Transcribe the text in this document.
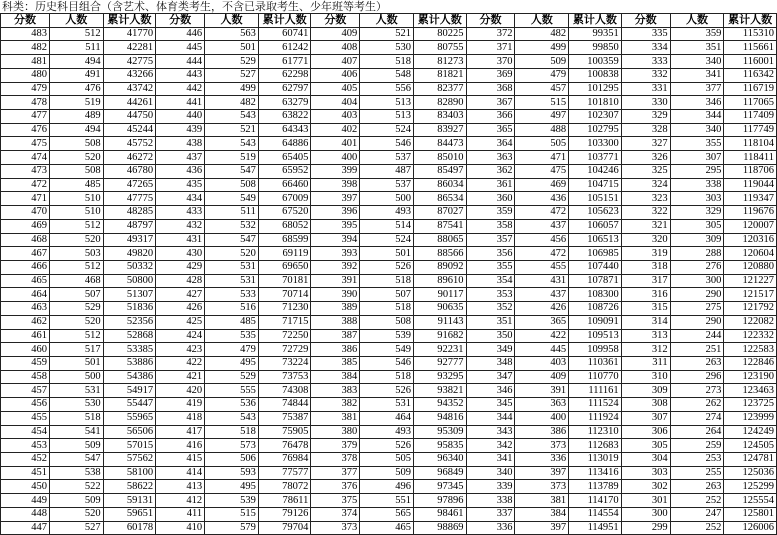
科类：历史科目组合（含艺术、体育类考生，不含已录取考生、少年班等考生）
分数	人数	累计人数	分数	人数	累计人数	分数	人数	累计人数	分数	人数	累计人数	分数	人数	累计人数
483	512	41770	446	563	60741	409	521	80225	372	482	99351	335	359	115310
482	511	42281	445	501	61242	408	530	80755	371	499	99850	334	351	115661
481	494	42775	444	529	61771	407	518	81273	370	509	100359	333	340	116001
480	491	43266	443	527	62298	406	548	81821	369	479	100838	332	341	116342
479	476	43742	442	499	62797	405	556	82377	368	457	101295	331	377	116719
478	519	44261	441	482	63279	404	513	82890	367	515	101810	330	346	117065
477	489	44750	440	543	63822	403	513	83403	366	497	102307	329	344	117409
476	494	45244	439	521	64343	402	524	83927	365	488	102795	328	340	117749
475	508	45752	438	543	64886	401	546	84473	364	505	103300	327	355	118104
474	520	46272	437	519	65405	400	537	85010	363	471	103771	326	307	118411
473	508	46780	436	547	65952	399	487	85497	362	475	104246	325	295	118706
472	485	47265	435	508	66460	398	537	86034	361	469	104715	324	338	119044
471	510	47775	434	549	67009	397	500	86534	360	436	105151	323	303	119347
470	510	48285	433	511	67520	396	493	87027	359	472	105623	322	329	119676
469	512	48797	432	532	68052	395	514	87541	358	437	106057	321	305	120007
468	520	49317	431	547	68599	394	524	88065	357	456	106513	320	309	120316
467	503	49820	430	520	69119	393	501	88566	356	472	106985	319	288	120604
466	512	50332	429	531	69650	392	526	89092	355	455	107440	318	276	120880
465	468	50800	428	531	70181	391	518	89610	354	431	107871	317	300	121227
464	507	51307	427	533	70714	390	507	90117	353	437	108300	316	290	121517
463	529	51836	426	516	71230	389	518	90635	352	426	108726	315	275	121792
462	520	52356	425	485	71715	388	508	91143	351	365	109091	314	290	122082
461	512	52868	424	535	72250	387	539	91682	350	422	109513	313	244	122332
460	517	53385	423	479	72729	386	549	92231	349	445	109958	312	251	122583
459	501	53886	422	495	73224	385	546	92777	348	403	110361	311	263	122846
458	500	54386	421	529	73753	384	518	93295	347	409	110770	310	296	123190
457	531	54917	420	555	74308	383	526	93821	346	391	111161	309	273	123463
456	530	55447	419	536	74844	382	531	94352	345	363	111524	308	262	123725
455	518	55965	418	543	75387	381	464	94816	344	400	111924	307	274	123999
454	541	56506	417	518	75905	380	493	95309	343	386	112310	306	264	124249
453	509	57015	416	573	76478	379	526	95835	342	373	112683	305	259	124505
452	547	57562	415	506	76984	378	505	96340	341	336	113019	304	253	124781
451	538	58100	414	593	77577	377	509	96849	340	397	113416	303	255	125036
450	522	58622	413	495	78072	376	496	97345	339	373	113789	302	263	125299
449	509	59131	412	539	78611	375	551	97896	338	381	114170	301	252	125554
448	520	59651	411	515	79126	374	565	98461	337	384	114554	300	247	125801
447	527	60178	410	579	79704	373	465	98869	336	397	114951	299	252	126006
